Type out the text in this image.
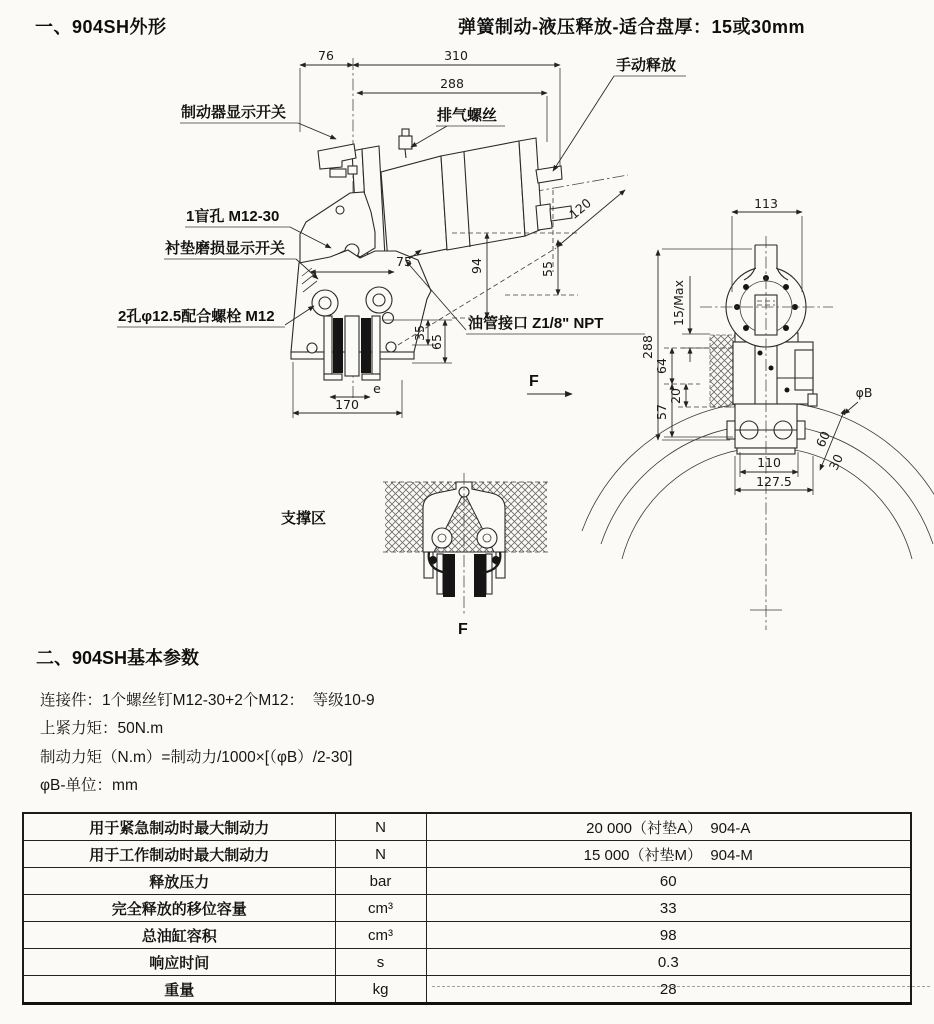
一、904SH外形	弹簧制动-液压释放-适合盘厚：15或30mm
76	310
288
35
65
e
170
75	94	55
120
制动器显示开关	排气螺丝
手动释放
1盲孔 M12-30
衬垫磨损显示开关
2孔φ12.5配合螺栓 M12	油管接口 Z1/8" NPT
F
113
288
15/Max
64
20
57
φB
60
30
110
127.5
支撑区
F
二、904SH基本参数
连接件：1个螺丝钉M12-30+2个M12：  等级10-9
上紧力矩：50N.m
制动力矩（N.m）=制动力/1000×[（φB）/2-30]
φB-单位：mm
用于紧急制动时最大制动力	N	20 000（衬垫A）  904-A
用于工作制动时最大制动力	N	15 000（衬垫M）  904-M
释放压力	bar	60
完全释放的移位容量	cm³	33
总油缸容积	cm³	98
响应时间	s	0.3
重量	kg	28
